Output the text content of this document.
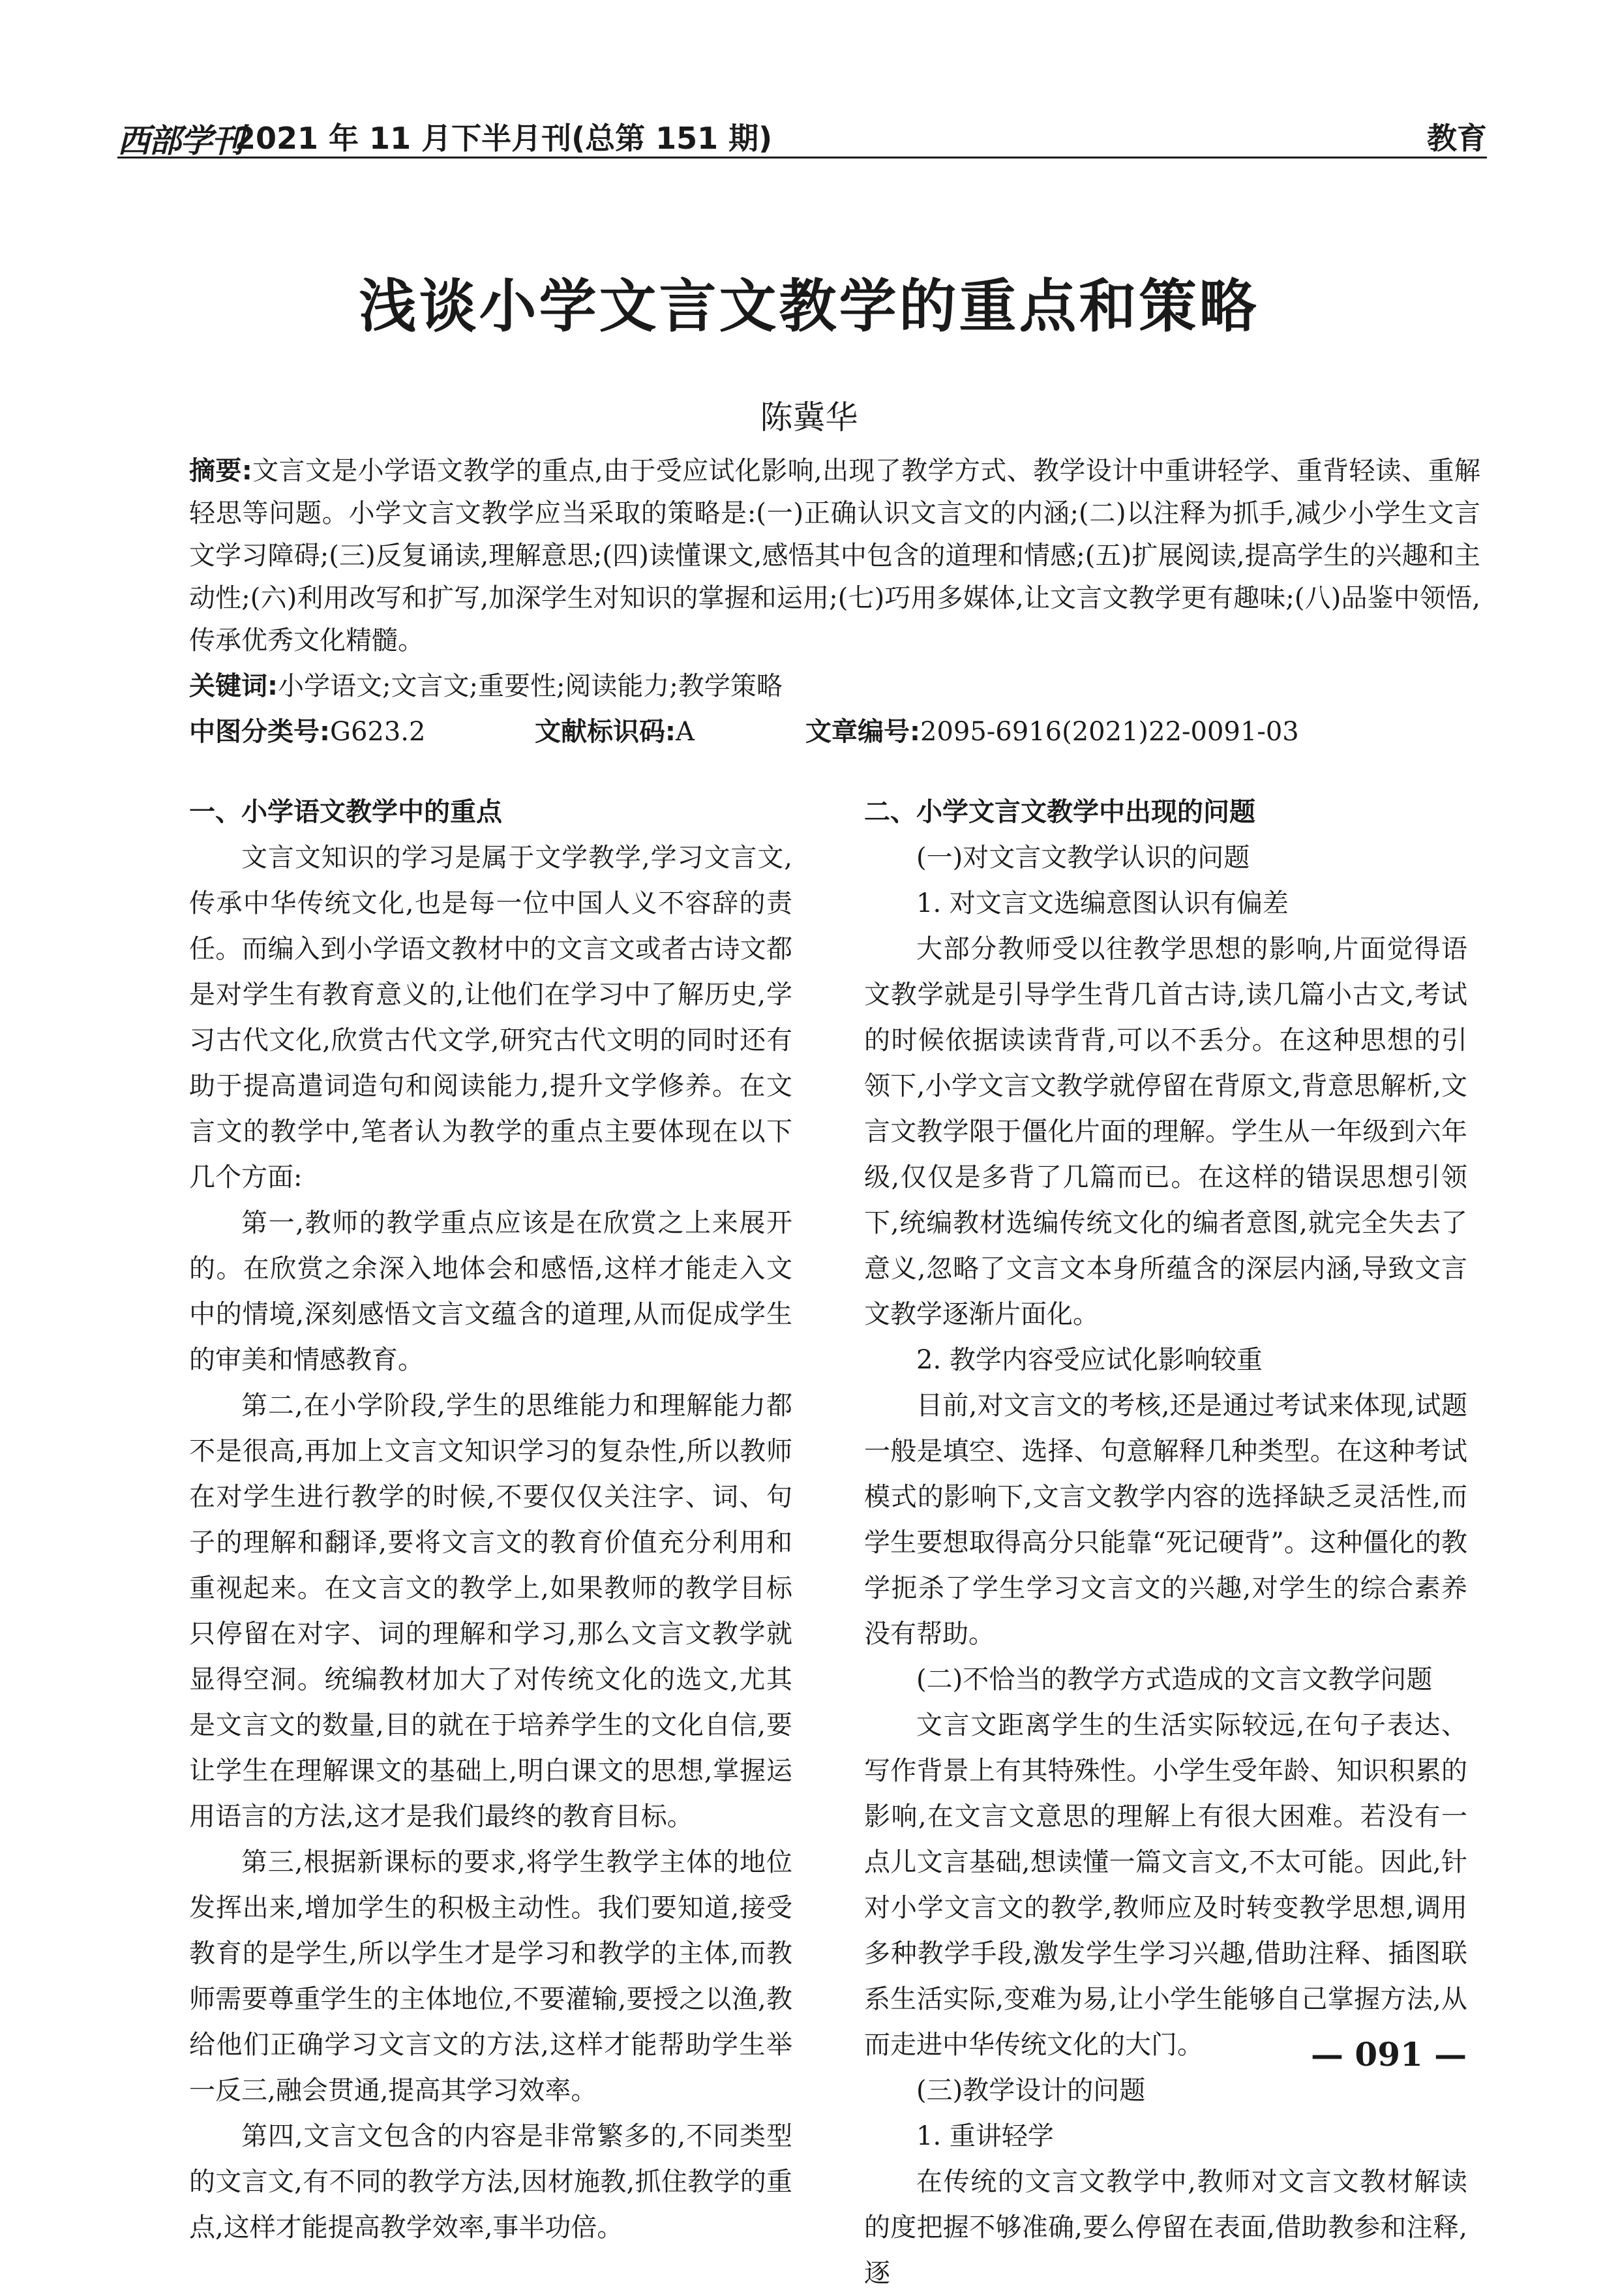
西部学刊
2021 年 11 月下半月刊(总第 151 期)	教育
浅谈小学文言文教学的重点和策略
陈冀华
摘要:文言文是小学语文教学的重点,由于受应试化影响,出现了教学方式、教学设计中重讲轻学、重背轻读、重解轻思等问题。小学文言文教学应当采取的策略是:(一)正确认识文言文的内涵;(二)以注释为抓手,减少小学生文言文学习障碍;(三)反复诵读,理解意思;(四)读懂课文,感悟其中包含的道理和情感;(五)扩展阅读,提高学生的兴趣和主动性;(六)利用改写和扩写,加深学生对知识的掌握和运用;(七)巧用多媒体,让文言文教学更有趣味;(八)品鉴中领悟,传承优秀文化精髓。
关键词:小学语文;文言文;重要性;阅读能力;教学策略
中图分类号:G623.2	文献标识码:A	文章编号:2095-6916(2021)22-0091-03
一、小学语文教学中的重点

文言文知识的学习是属于文学教学,学习文言文,传承中华传统文化,也是每一位中国人义不容辞的责任。而编入到小学语文教材中的文言文或者古诗文都是对学生有教育意义的,让他们在学习中了解历史,学习古代文化,欣赏古代文学,研究古代文明的同时还有助于提高遣词造句和阅读能力,提升文学修养。在文言文的教学中,笔者认为教学的重点主要体现在以下几个方面:

第一,教师的教学重点应该是在欣赏之上来展开的。在欣赏之余深入地体会和感悟,这样才能走入文中的情境,深刻感悟文言文蕴含的道理,从而促成学生的审美和情感教育。

第二,在小学阶段,学生的思维能力和理解能力都不是很高,再加上文言文知识学习的复杂性,所以教师在对学生进行教学的时候,不要仅仅关注字、词、句子的理解和翻译,要将文言文的教育价值充分利用和重视起来。在文言文的教学上,如果教师的教学目标只停留在对字、词的理解和学习,那么文言文教学就显得空洞。统编教材加大了对传统文化的选文,尤其是文言文的数量,目的就在于培养学生的文化自信,要让学生在理解课文的基础上,明白课文的思想,掌握运用语言的方法,这才是我们最终的教育目标。

第三,根据新课标的要求,将学生教学主体的地位发挥出来,增加学生的积极主动性。我们要知道,接受教育的是学生,所以学生才是学习和教学的主体,而教师需要尊重学生的主体地位,不要灌输,要授之以渔,教给他们正确学习文言文的方法,这样才能帮助学生举一反三,融会贯通,提高其学习效率。

第四,文言文包含的内容是非常繁多的,不同类型的文言文,有不同的教学方法,因材施教,抓住教学的重点,这样才能提高教学效率,事半功倍。

二、小学文言文教学中出现的问题
(一)对文言文教学认识的问题
1. 对文言文选编意图认识有偏差

大部分教师受以往教学思想的影响,片面觉得语文教学就是引导学生背几首古诗,读几篇小古文,考试的时候依据读读背背,可以不丢分。在这种思想的引领下,小学文言文教学就停留在背原文,背意思解析,文言文教学限于僵化片面的理解。学生从一年级到六年级,仅仅是多背了几篇而已。在这样的错误思想引领下,统编教材选编传统文化的编者意图,就完全失去了意义,忽略了文言文本身所蕴含的深层内涵,导致文言文教学逐渐片面化。

2. 教学内容受应试化影响较重

目前,对文言文的考核,还是通过考试来体现,试题一般是填空、选择、句意解释几种类型。在这种考试模式的影响下,文言文教学内容的选择缺乏灵活性,而学生要想取得高分只能靠“死记硬背”。这种僵化的教学扼杀了学生学习文言文的兴趣,对学生的综合素养没有帮助。

(二)不恰当的教学方式造成的文言文教学问题

文言文距离学生的生活实际较远,在句子表达、写作背景上有其特殊性。小学生受年龄、知识积累的影响,在文言文意思的理解上有很大困难。若没有一点儿文言基础,想读懂一篇文言文,不太可能。因此,针对小学文言文的教学,教师应及时转变教学思想,调用多种教学手段,激发学生学习兴趣,借助注释、插图联系生活实际,变难为易,让小学生能够自己掌握方法,从而走进中华传统文化的大门。

(三)教学设计的问题
1. 重讲轻学

在传统的文言文教学中,教师对文言文教材解读的度把握不够准确,要么停留在表面,借助教参和注释,逐

— 091 —
